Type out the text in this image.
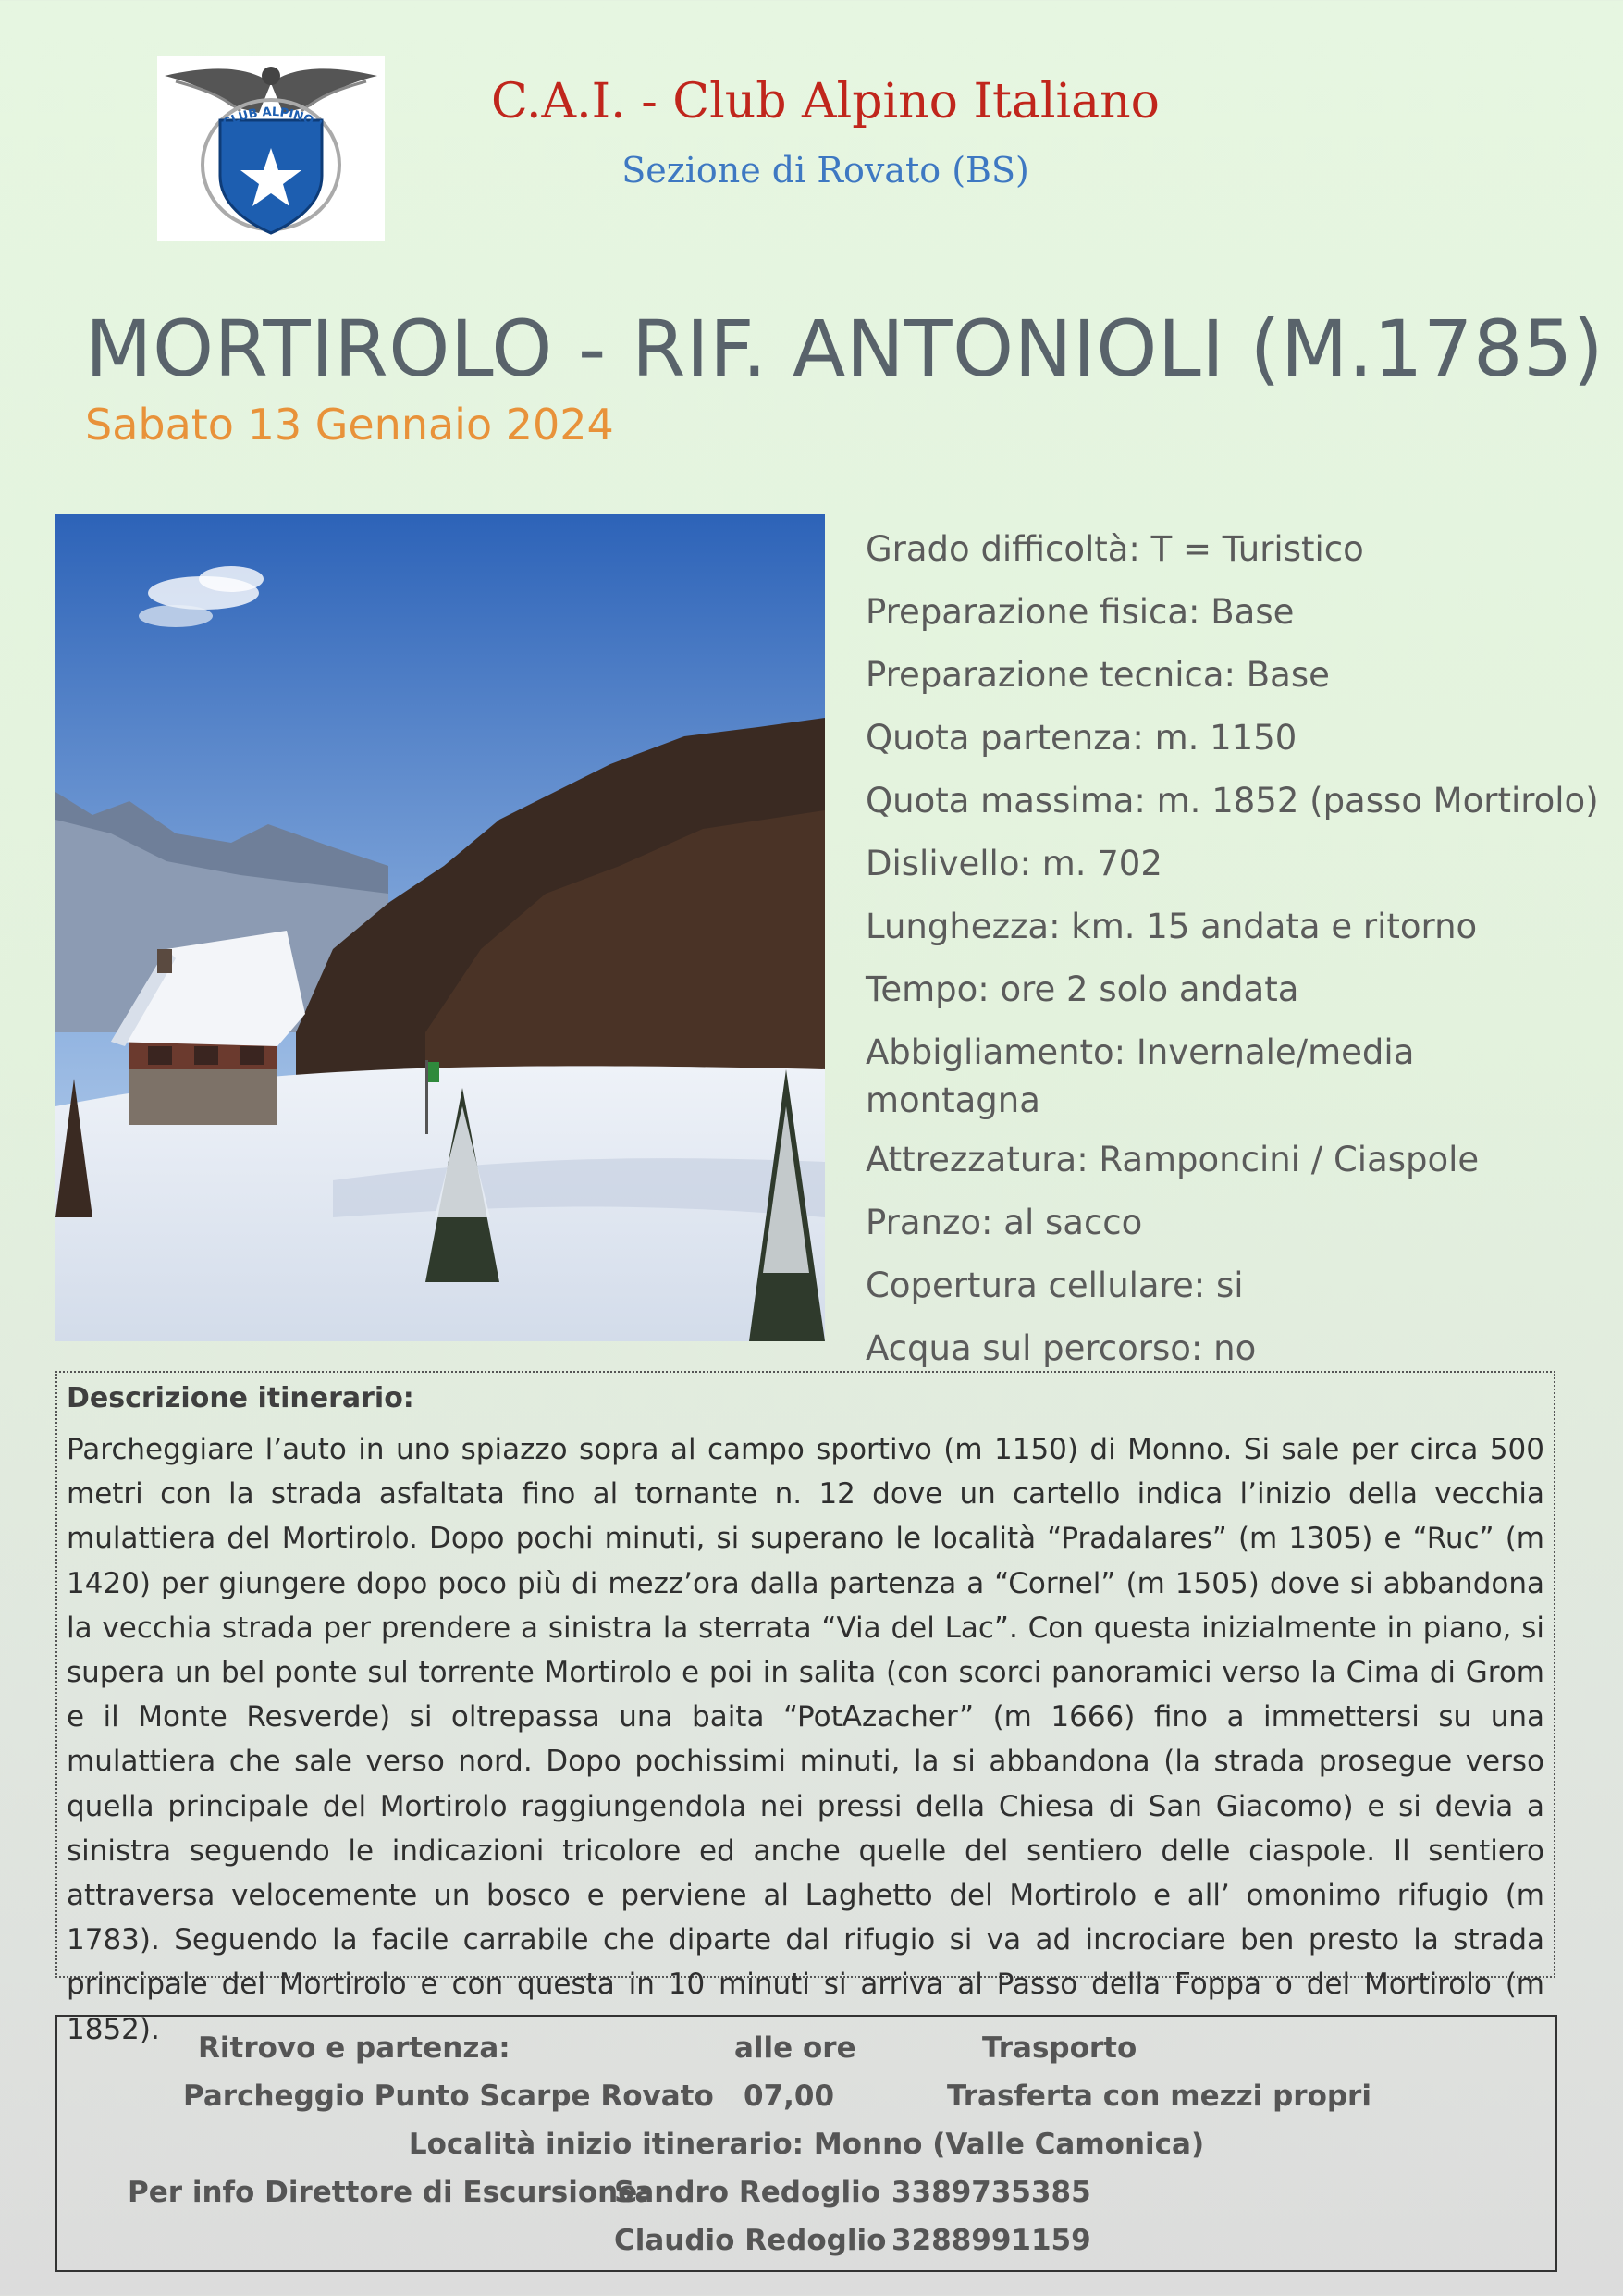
CLUB ALPINO I	C.A.I. - Club Alpino Italiano
Sezione di Rovato (BS)
MORTIROLO - RIF. ANTONIOLI (M.1785)
Sabato 13 Gennaio 2024
Grado difficoltà: T = Turistico
Preparazione fisica: Base
Preparazione tecnica: Base
Quota partenza: m. 1150
Quota massima: m. 1852 (passo Mortirolo)
Dislivello: m. 702
Lunghezza: km. 15 andata e ritorno
Tempo: ore 2 solo andata
Abbigliamento: Invernale/media montagna
Attrezzatura: Ramponcini / Ciaspole
Pranzo: al sacco
Copertura cellulare: si
Acqua sul percorso: no
Descrizione itinerario:
Parcheggiare l’auto in uno spiazzo sopra al campo sportivo (m 1150) di Monno. Si sale per circa 500 metri con la strada asfaltata fino al tornante n. 12 dove un cartello indica l’inizio della vecchia mulattiera del Mortirolo. Dopo pochi minuti, si superano le località “Pradalares” (m 1305) e “Ruc” (m 1420) per giungere dopo poco più di mezz’ora dalla partenza a “Cornel” (m 1505) dove si abbandona la vecchia strada per prendere a sinistra la sterrata “Via del Lac”. Con questa inizialmente in piano, si supera un bel ponte sul torrente Mortirolo e poi in salita (con scorci panoramici verso la Cima di Grom e il Monte Resverde) si oltrepassa una baita “PotAzacher” (m 1666) fino a immettersi su una mulattiera che sale verso nord. Dopo pochissimi minuti, la si abbandona (la strada prosegue verso quella principale del Mortirolo raggiungendola nei pressi della Chiesa di San Giacomo) e si devia a sinistra seguendo le indicazioni tricolore ed anche quelle del sentiero delle ciaspole. Il sentiero attraversa velocemente un bosco e perviene al Laghetto del Mortirolo e all’ omonimo rifugio (m 1783). Seguendo la facile carrabile che diparte dal rifugio si va ad incrociare ben presto la strada principale del Mortirolo e con questa in 10 minuti si arriva al Passo della Foppa o del Mortirolo (m 1852).
Ritrovo e partenza:	alle ore	Trasporto
Parcheggio Punto Scarpe Rovato 07,00	Trasferta con mezzi propri
Località inizio itinerario: Monno (Valle Camonica)
Per info Direttore di Escursione:
Sandro Redoglio 3389735385
Claudio Redoglio 3288991159
